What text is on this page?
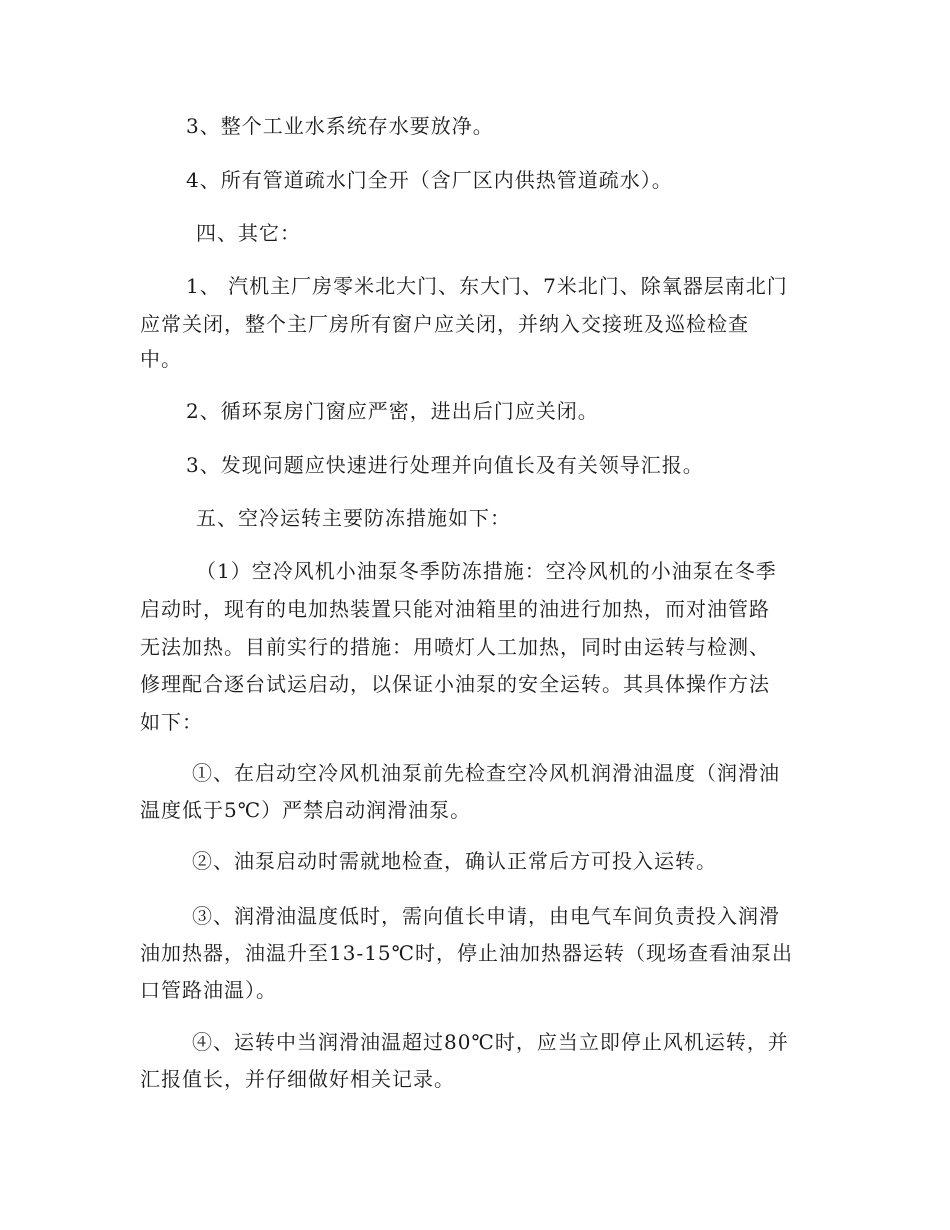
3、整个工业水系统存水要放净。
4、所有管道疏水门全开（含厂区内供热管道疏水）。
四、其它：
1、 汽机主厂房零米北大门、东大门、7米北门、除氧器层南北门
应常关闭，整个主厂房所有窗户应关闭，并纳入交接班及巡检检查
中。
2、循环泵房门窗应严密，进出后门应关闭。
3、发现问题应快速进行处理并向值长及有关领导汇报。
五、空冷运转主要防冻措施如下：
（1）空冷风机小油泵冬季防冻措施：空冷风机的小油泵在冬季
启动时，现有的电加热装置只能对油箱里的油进行加热，而对油管路
无法加热。目前实行的措施：用喷灯人工加热，同时由运转与检测、
修理配合逐台试运启动，以保证小油泵的安全运转。其具体操作方法
如下：
①、在启动空冷风机油泵前先检查空冷风机润滑油温度（润滑油
温度低于5℃）严禁启动润滑油泵。
②、油泵启动时需就地检查，确认正常后方可投入运转。
③、润滑油温度低时，需向值长申请，由电气车间负责投入润滑
油加热器，油温升至13-15℃时，停止油加热器运转（现场查看油泵出
口管路油温）。
④、运转中当润滑油温超过80℃时，应当立即停止风机运转，并
汇报值长，并仔细做好相关记录。
